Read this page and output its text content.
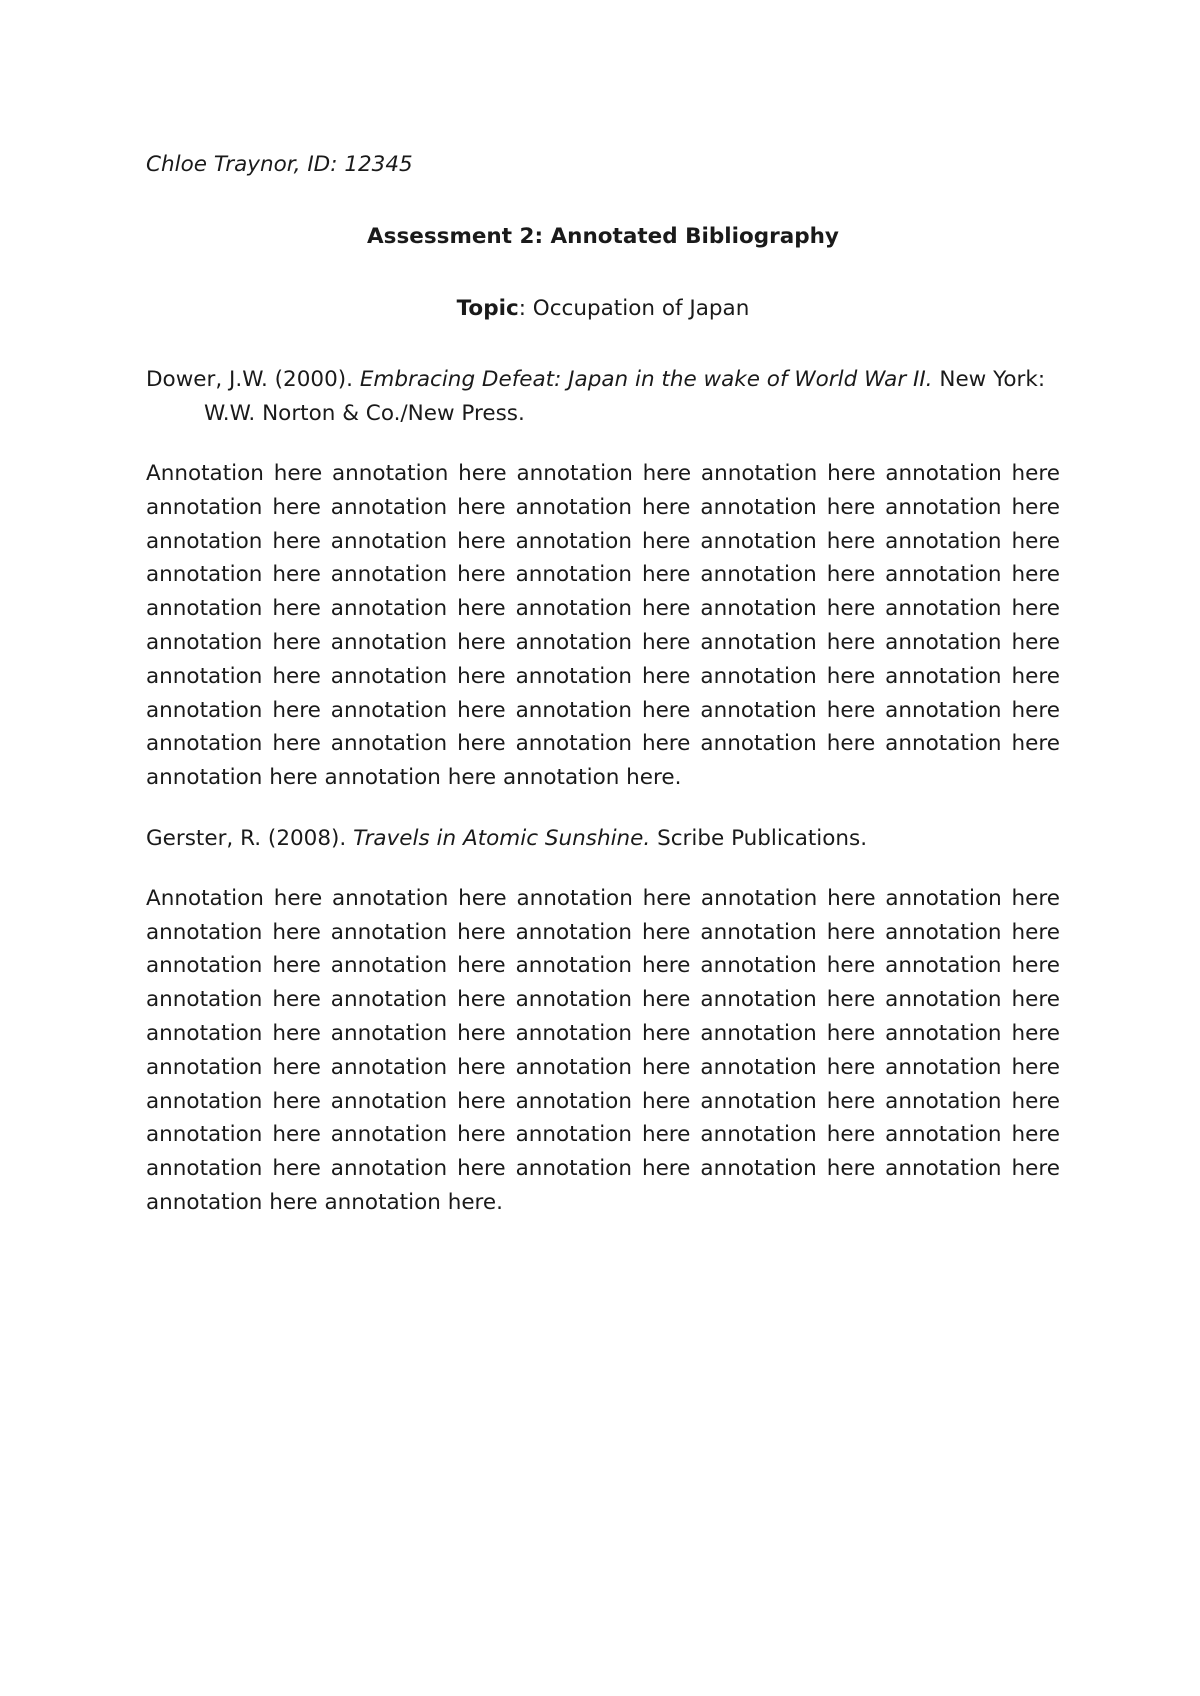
Chloe Traynor, ID: 12345

Assessment 2: Annotated Bibliography

Topic: Occupation of Japan

Dower, J.W. (2000). Embracing Defeat: Japan in the wake of World War II. New York: W.W. Norton & Co./New Press.

Annotation here annotation here annotation here annotation here annotation here annotation here annotation here annotation here annotation here annotation here annotation here annotation here annotation here annotation here annotation here annotation here annotation here annotation here annotation here annotation here annotation here annotation here annotation here annotation here annotation here annotation here annotation here annotation here annotation here annotation here annotation here annotation here annotation here annotation here annotation here annotation here annotation here annotation here annotation here annotation here annotation here annotation here annotation here annotation here annotation here annotation here annotation here annotation here.

Gerster, R. (2008). Travels in Atomic Sunshine. Scribe Publications.

Annotation here annotation here annotation here annotation here annotation here annotation here annotation here annotation here annotation here annotation here annotation here annotation here annotation here annotation here annotation here annotation here annotation here annotation here annotation here annotation here annotation here annotation here annotation here annotation here annotation here annotation here annotation here annotation here annotation here annotation here annotation here annotation here annotation here annotation here annotation here annotation here annotation here annotation here annotation here annotation here annotation here annotation here annotation here annotation here annotation here annotation here annotation here.
